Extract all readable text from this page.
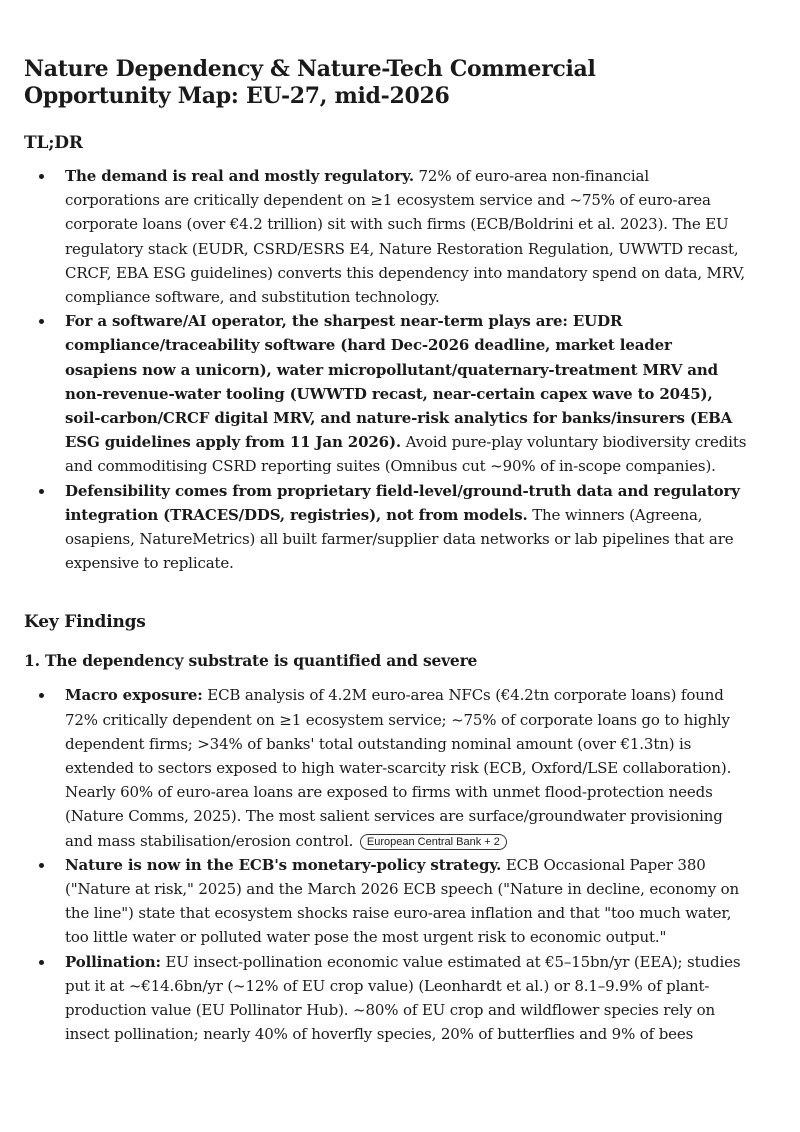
Nature Dependency & Nature-Tech Commercial Opportunity Map: EU-27, mid-2026
TL;DR
The demand is real and mostly regulatory. 72% of euro-area non-financial corporations are critically dependent on ≥1 ecosystem service and ~75% of euro-area corporate loans (over €4.2 trillion) sit with such firms (ECB/Boldrini et al. 2023). The EU regulatory stack (EUDR, CSRD/ESRS E4, Nature Restoration Regulation, UWWTD recast, CRCF, EBA ESG guidelines) converts this dependency into mandatory spend on data, MRV, compliance software, and substitution technology.
For a software/AI operator, the sharpest near-term plays are: EUDR compliance/traceability software (hard Dec-2026 deadline, market leader osapiens now a unicorn), water micropollutant/quaternary-treatment MRV and non-revenue-water tooling (UWWTD recast, near-certain capex wave to 2045), soil-carbon/CRCF digital MRV, and nature-risk analytics for banks/insurers (EBA ESG guidelines apply from 11 Jan 2026). Avoid pure-play voluntary biodiversity credits and commoditising CSRD reporting suites (Omnibus cut ~90% of in-scope companies).
Defensibility comes from proprietary field-level/ground-truth data and regulatory integration (TRACES/DDS, registries), not from models. The winners (Agreena, osapiens, NatureMetrics) all built farmer/supplier data networks or lab pipelines that are expensive to replicate.
Key Findings
1. The dependency substrate is quantified and severe
Macro exposure: ECB analysis of 4.2M euro-area NFCs (€4.2tn corporate loans) found 72% critically dependent on ≥1 ecosystem service; ~75% of corporate loans go to highly dependent firms; >34% of banks' total outstanding nominal amount (over €1.3tn) is extended to sectors exposed to high water-scarcity risk (ECB, Oxford/LSE collaboration). Nearly 60% of euro-area loans are exposed to firms with unmet flood-protection needs (Nature Comms, 2025). The most salient services are surface/groundwater provisioning and mass stabilisation/erosion control. European Central Bank + 2
Nature is now in the ECB's monetary-policy strategy. ECB Occasional Paper 380 ("Nature at risk," 2025) and the March 2026 ECB speech ("Nature in decline, economy on the line") state that ecosystem shocks raise euro-area inflation and that "too much water, too little water or polluted water pose the most urgent risk to economic output."
Pollination: EU insect-pollination economic value estimated at €5–15bn/yr (EEA); studies put it at ~€14.6bn/yr (~12% of EU crop value) (Leonhardt et al.) or 8.1–9.9% of plant-production value (EU Pollinator Hub). ~80% of EU crop and wildflower species rely on insect pollination; nearly 40% of hoverfly species, 20% of butterflies and 9% of bees
